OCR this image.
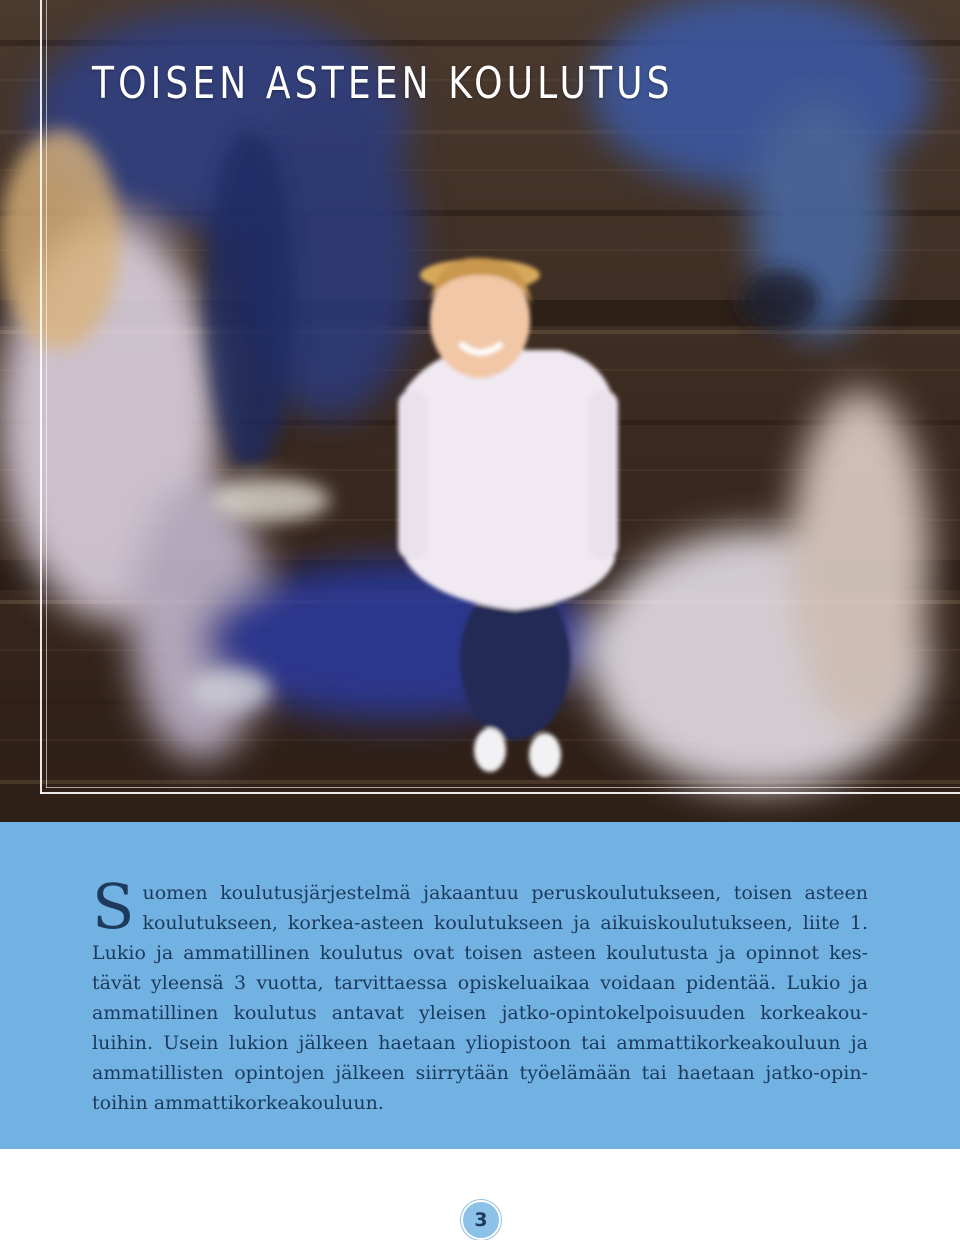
TOISEN ASTEEN KOULUTUS

Suomen koulutusjärjestelmä jakaantuu peruskoulutukseen, toisen asteen koulutukseen, korkea-asteen koulutukseen ja aikuiskoulutukseen, liite 1. Lukio ja ammatillinen koulutus ovat toisen asteen koulutusta ja opinnot kestävät yleensä 3 vuotta, tarvittaessa opiskeluaikaa voidaan pidentää. Lukio ja ammatillinen koulutus antavat yleisen jatko-opintokelpoisuuden korkeakouluihin. Usein lukion jälkeen haetaan yliopistoon tai ammattikorkeakouluun ja ammatillisten opintojen jälkeen siirrytään työelämään tai haetaan jatko-opintoihin ammattikorkeakouluun.

3
